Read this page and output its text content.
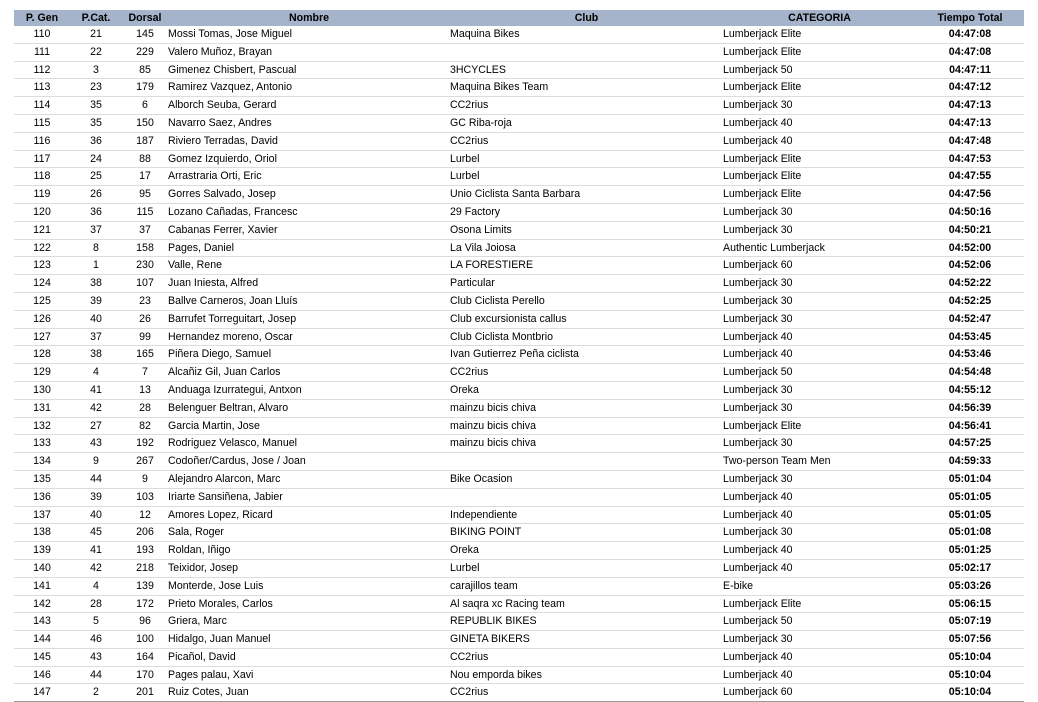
P. Gen	P.Cat.	Dorsal	Nombre	Club	CATEGORIA	Tiempo Total
110	21	145	Mossi Tomas, Jose Miguel	Maquina Bikes	Lumberjack Elite	04:47:08
111	22	229	Valero Muñoz, Brayan		Lumberjack Elite	04:47:08
112	3	85	Gimenez Chisbert, Pascual	3HCYCLES	Lumberjack 50	04:47:11
113	23	179	Ramirez Vazquez, Antonio	Maquina Bikes Team	Lumberjack Elite	04:47:12
114	35	6	Alborch Seuba, Gerard	CC2rius	Lumberjack 30	04:47:13
115	35	150	Navarro Saez, Andres	GC Riba-roja	Lumberjack 40	04:47:13
116	36	187	Riviero Terradas, David	CC2rius	Lumberjack 40	04:47:48
117	24	88	Gomez Izquierdo, Oriol	Lurbel	Lumberjack Elite	04:47:53
118	25	17	Arrastraria Orti, Eric	Lurbel	Lumberjack Elite	04:47:55
119	26	95	Gorres Salvado, Josep	Unio Ciclista Santa Barbara	Lumberjack Elite	04:47:56
120	36	115	Lozano Cañadas, Francesc	29 Factory	Lumberjack 30	04:50:16
121	37	37	Cabanas Ferrer, Xavier	Osona Limits	Lumberjack 30	04:50:21
122	8	158	Pages, Daniel	La Vila Joiosa	Authentic Lumberjack	04:52:00
123	1	230	Valle, Rene	LA FORESTIERE	Lumberjack 60	04:52:06
124	38	107	Juan Iniesta, Alfred	Particular	Lumberjack 30	04:52:22
125	39	23	Ballve Carneros, Joan Lluís	Club Ciclista Perello	Lumberjack 30	04:52:25
126	40	26	Barrufet Torreguitart, Josep	Club excursionista callus	Lumberjack 30	04:52:47
127	37	99	Hernandez moreno, Oscar	Club Ciclista Montbrio	Lumberjack 40	04:53:45
128	38	165	Piñera Diego, Samuel	Ivan Gutierrez Peña ciclista	Lumberjack 40	04:53:46
129	4	7	Alcañiz Gil, Juan Carlos	CC2rius	Lumberjack 50	04:54:48
130	41	13	Anduaga Izurrategui, Antxon	Oreka	Lumberjack 30	04:55:12
131	42	28	Belenguer Beltran, Alvaro	mainzu bicis chiva	Lumberjack 30	04:56:39
132	27	82	Garcia Martin, Jose	mainzu bicis chiva	Lumberjack Elite	04:56:41
133	43	192	Rodriguez Velasco, Manuel	mainzu bicis chiva	Lumberjack 30	04:57:25
134	9	267	Codoñer/Cardus, Jose / Joan		Two-person Team Men	04:59:33
135	44	9	Alejandro Alarcon, Marc	Bike Ocasion	Lumberjack 30	05:01:04
136	39	103	Iriarte Sansiñena, Jabier		Lumberjack 40	05:01:05
137	40	12	Amores Lopez, Ricard	Independiente	Lumberjack 40	05:01:05
138	45	206	Sala, Roger	BIKING POINT	Lumberjack 30	05:01:08
139	41	193	Roldan, Iñigo	Oreka	Lumberjack 40	05:01:25
140	42	218	Teixidor, Josep	Lurbel	Lumberjack 40	05:02:17
141	4	139	Monterde, Jose Luis	carajillos team	E-bike	05:03:26
142	28	172	Prieto Morales, Carlos	Al saqra xc Racing team	Lumberjack Elite	05:06:15
143	5	96	Griera, Marc	REPUBLIK BIKES	Lumberjack 50	05:07:19
144	46	100	Hidalgo, Juan Manuel	GINETA BIKERS	Lumberjack 30	05:07:56
145	43	164	Picañol, David	CC2rius	Lumberjack 40	05:10:04
146	44	170	Pages palau, Xavi	Nou emporda bikes	Lumberjack 40	05:10:04
147	2	201	Ruiz Cotes, Juan	CC2rius	Lumberjack 60	05:10:04
